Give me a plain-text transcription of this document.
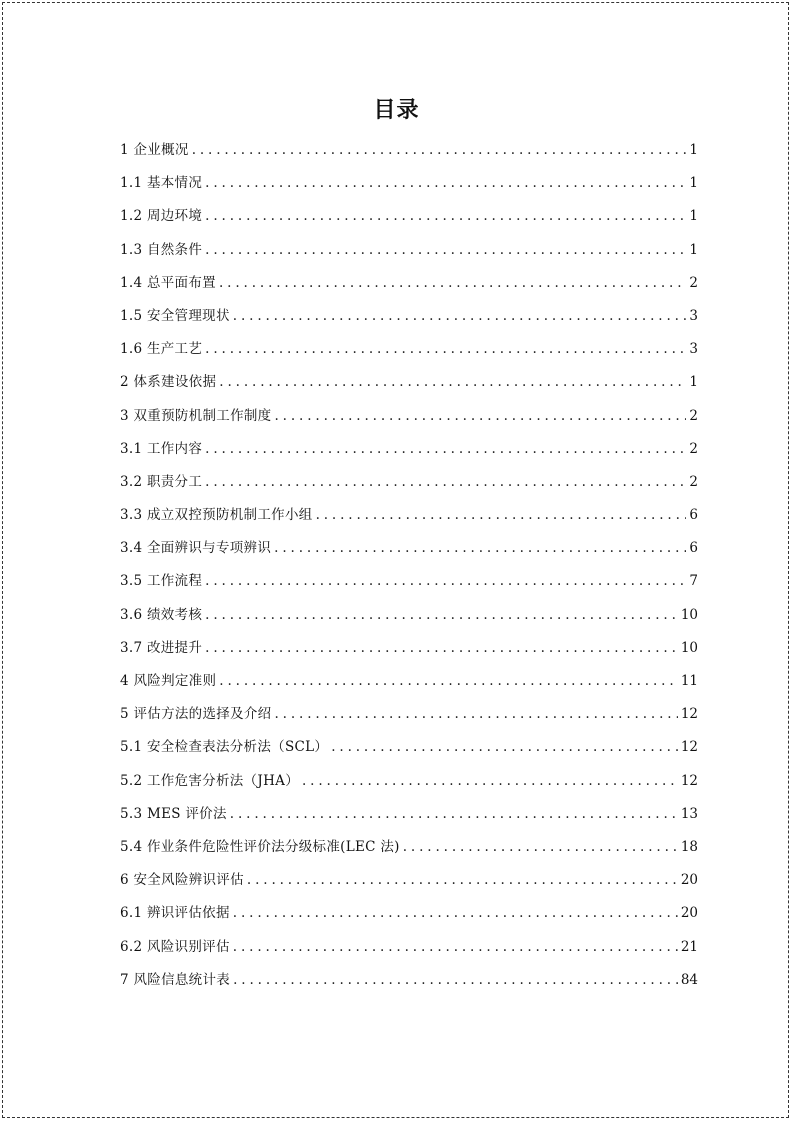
目录
1 企业概况 . . .	1
1.1 基本情况 . . .	1
1.2 周边环境 . . .	1
1.3 自然条件 . . .	1
1.4 总平面布置 . . .	2
1.5 安全管理现状 . . .	3
1.6 生产工艺 . . .	3
2 体系建设依据 . . .	1
3 双重预防机制工作制度 . . .	2
3.1 工作内容 . . .	2
3.2 职责分工 . . .	2
3.3 成立双控预防机制工作小组 . . .	6
3.4 全面辨识与专项辨识 . . .	6
3.5 工作流程 . . .	7
3.6 绩效考核 . . .	10
3.7 改进提升 . . .	10
4 风险判定准则 . . .	11
5 评估方法的选择及介绍 . . .	12
5.1 安全检查表法分析法（SCL） . . .	12
5.2 工作危害分析法（JHA） . . .	12
5.3 MES 评价法 . . .	13
5.4 作业条件危险性评价法分级标准(LEC 法) . . .	18
6 安全风险辨识评估 . . .	20
6.1 辨识评估依据 . . .	20
6.2 风险识别评估 . . .	21
7 风险信息统计表 . . .	84
